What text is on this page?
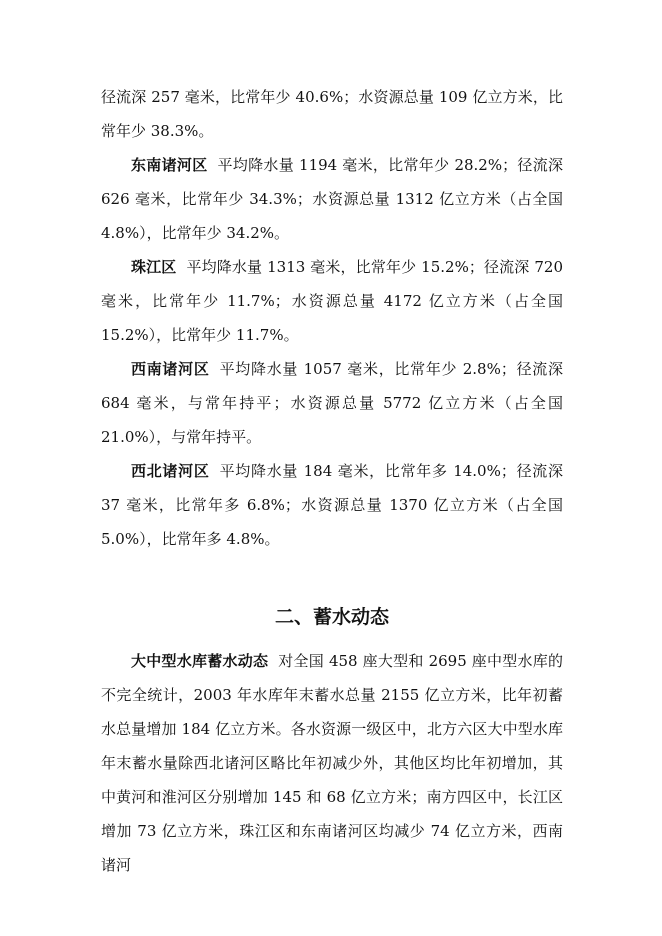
径流深 257 毫米，比常年少 40.6%；水资源总量 109 亿立方米，比常年少 38.3%。

东南诸河区 平均降水量 1194 毫米，比常年少 28.2%；径流深 626 毫米，比常年少 34.3%；水资源总量 1312 亿立方米（占全国 4.8%），比常年少 34.2%。

珠江区 平均降水量 1313 毫米，比常年少 15.2%；径流深 720 毫米，比常年少 11.7%；水资源总量 4172 亿立方米（占全国 15.2%），比常年少 11.7%。

西南诸河区 平均降水量 1057 毫米，比常年少 2.8%；径流深 684 毫米，与常年持平；水资源总量 5772 亿立方米（占全国 21.0%），与常年持平。

西北诸河区 平均降水量 184 毫米，比常年多 14.0%；径流深 37 毫米，比常年多 6.8%；水资源总量 1370 亿立方米（占全国 5.0%），比常年多 4.8%。

二、蓄水动态

大中型水库蓄水动态 对全国 458 座大型和 2695 座中型水库的不完全统计，2003 年水库年末蓄水总量 2155 亿立方米，比年初蓄水总量增加 184 亿立方米。各水资源一级区中，北方六区大中型水库年末蓄水量除西北诸河区略比年初减少外，其他区均比年初增加，其中黄河和淮河区分别增加 145 和 68 亿立方米；南方四区中，长江区增加 73 亿立方米，珠江区和东南诸河区均减少 74 亿立方米，西南诸河
